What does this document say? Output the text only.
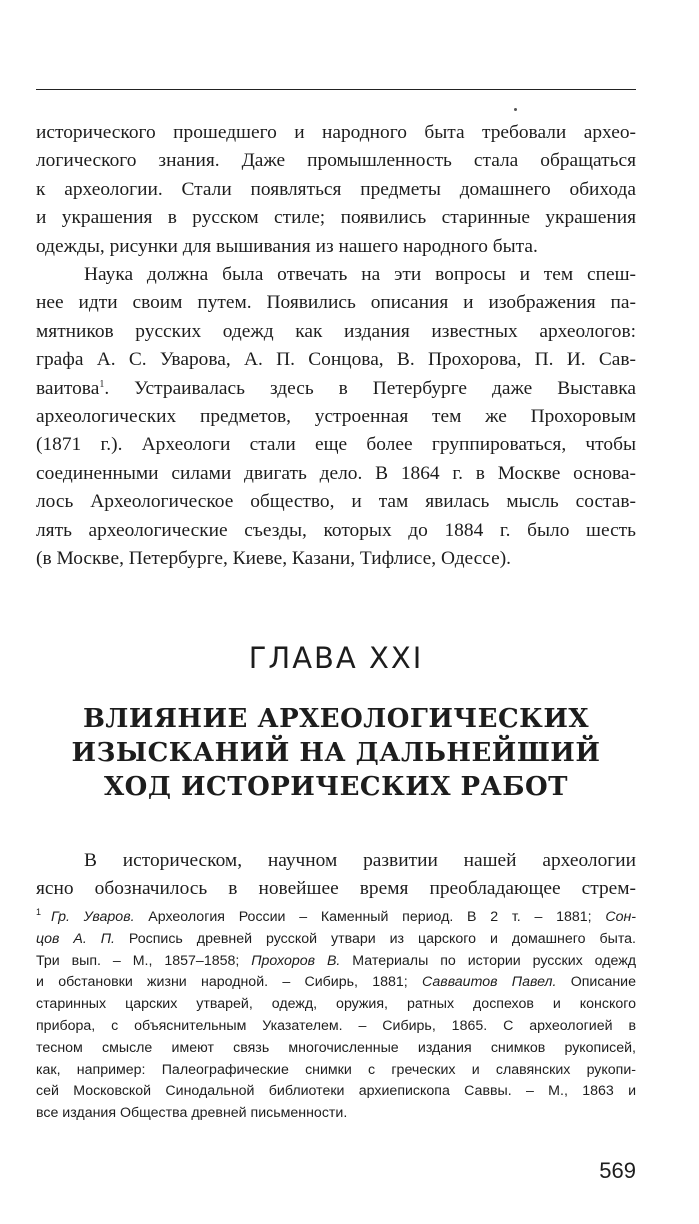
исторического прошедшего и народного быта требовали архео-
логического знания. Даже промышленность стала обращаться
к археологии. Стали появляться предметы домашнего обихода
и украшения в русском стиле; появились старинные украшения
одежды, рисунки для вышивания из нашего народного быта.
Наука должна была отвечать на эти вопросы и тем спеш-
нее идти своим путем. Появились описания и изображения па-
мятников русских одежд как издания известных археологов:
графа А. С. Уварова, А. П. Сонцова, В. Прохорова, П. И. Сав-
ваитова$^1$. Устраивалась здесь в Петербурге даже Выставка
археологических предметов, устроенная тем же Прохоровым
(1871 г.). Археологи стали еще более группироваться, чтобы
соединенными силами двигать дело. В 1864 г. в Москве основа-
лось Археологическое общество, и там явилась мысль состав-
лять археологические съезды, которых до 1884 г. было шесть
(в Москве, Петербурге, Киеве, Казани, Тифлисе, Одессе).
ГЛАВА XXI
ВЛИЯНИЕ АРХЕОЛОГИЧЕСКИХ
ИЗЫСКАНИЙ НА ДАЛЬНЕЙШИЙ
ХОД ИСТОРИЧЕСКИХ РАБОТ
В историческом, научном развитии нашей археологии
ясно обозначилось в новейшее время преобладающее стрем-
$^1$ Гр. Уваров. Археология России – Каменный период. В 2 т. – 1881; Сон-
цов А. П. Роспись древней русской утвари из царского и домашнего быта.
Три вып. – М., 1857–1858; Прохоров В. Материалы по истории русских одежд
и обстановки жизни народной. – Сибирь, 1881; Савваитов Павел. Описание
старинных царских утварей, одежд, оружия, ратных доспехов и конского
прибора, с объяснительным Указателем. – Сибирь, 1865. С археологией в
тесном смысле имеют связь многочисленные издания снимков рукописей,
как, например: Палеографические снимки с греческих и славянских рукопи-
сей Московской Синодальной библиотеки архиепископа Саввы. – М., 1863 и
все издания Общества древней письменности.
569
